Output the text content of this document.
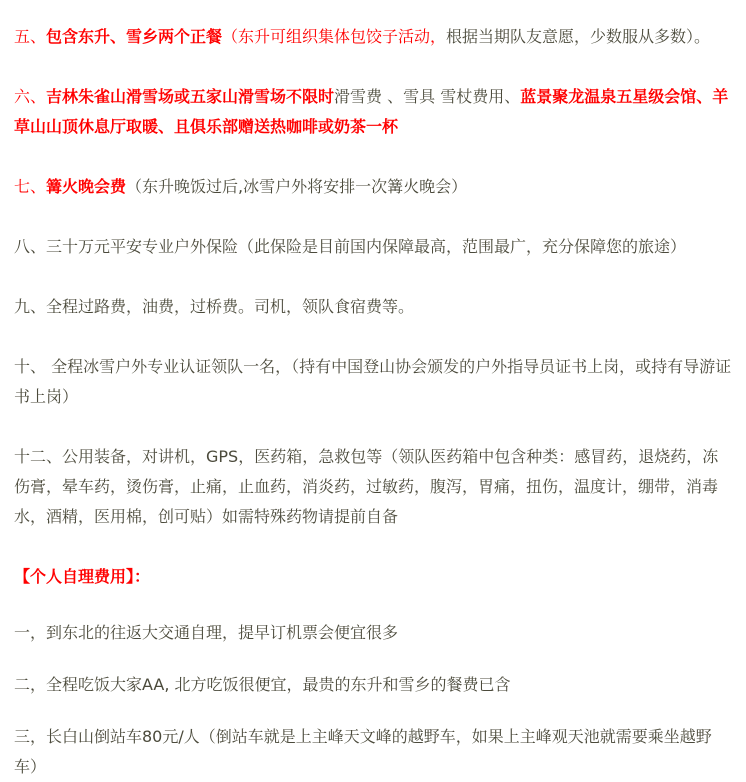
五、包含东升、雪乡两个正餐（东升可组织集体包饺子活动，根据当期队友意愿，少数服从多数）。

六、吉林朱雀山滑雪场或五家山滑雪场不限时滑雪费 、雪具 雪杖费用、蓝景聚龙温泉五星级会馆、羊草山山顶休息厅取暖、且俱乐部赠送热咖啡或奶茶一杯

七、篝火晚会费（东升晚饭过后,冰雪户外将安排一次篝火晚会）

八、三十万元平安专业户外保险（此保险是目前国内保障最高，范围最广，充分保障您的旅途）

九、全程过路费，油费，过桥费。司机，领队食宿费等。

十、 全程冰雪户外专业认证领队一名，（持有中国登山协会颁发的户外指导员证书上岗，或持有导游证书上岗）

十二、公用装备，对讲机，GPS，医药箱，急救包等（领队医药箱中包含种类：感冒药，退烧药，冻伤膏，晕车药，烫伤膏，止痛，止血药，消炎药，过敏药，腹泻，胃痛，扭伤，温度计，绷带，消毒水，酒精，医用棉，创可贴）如需特殊药物请提前自备

【个人自理费用】：

一，到东北的往返大交通自理，提早订机票会便宜很多

二，全程吃饭大家AA, 北方吃饭很便宜，最贵的东升和雪乡的餐费已含

三，长白山倒站车80元/人（倒站车就是上主峰天文峰的越野车，如果上主峰观天池就需要乘坐越野车）
